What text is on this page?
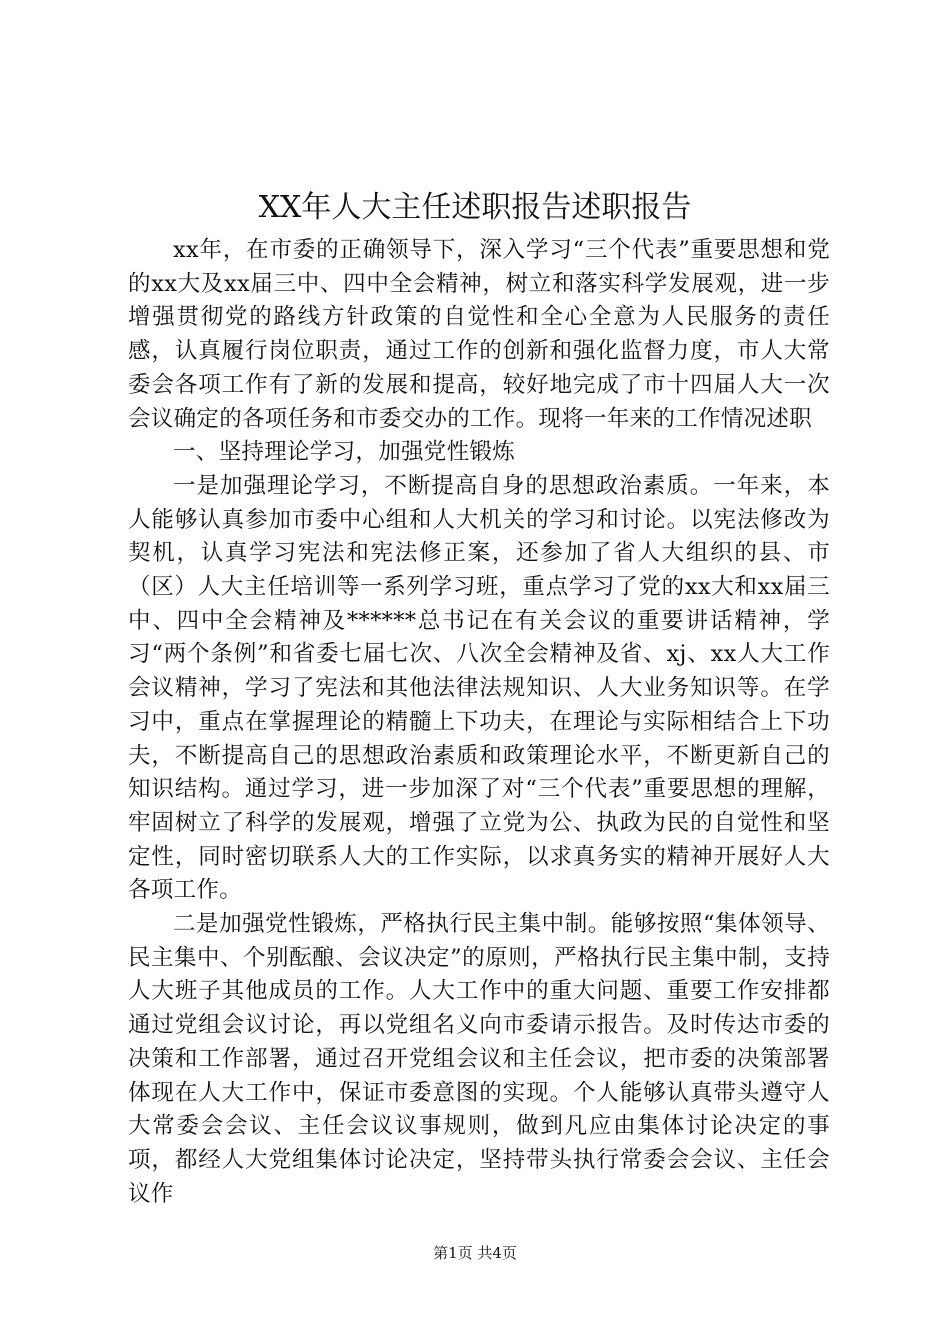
XX年人大主任述职报告述职报告

xx年，在市委的正确领导下，深入学习“三个代表”重要思想和党的xx大及xx届三中、四中全会精神，树立和落实科学发展观，进一步增强贯彻党的路线方针政策的自觉性和全心全意为人民服务的责任感，认真履行岗位职责，通过工作的创新和强化监督力度，市人大常委会各项工作有了新的发展和提高，较好地完成了市十四届人大一次会议确定的各项任务和市委交办的工作。现将一年来的工作情况述职

一、坚持理论学习，加强党性锻炼

一是加强理论学习，不断提高自身的思想政治素质。一年来，本人能够认真参加市委中心组和人大机关的学习和讨论。以宪法修改为契机，认真学习宪法和宪法修正案，还参加了省人大组织的县、市（区）人大主任培训等一系列学习班，重点学习了党的xx大和xx届三中、四中全会精神及******总书记在有关会议的重要讲话精神，学习“两个条例”和省委七届七次、八次全会精神及省、xj、xx人大工作会议精神，学习了宪法和其他法律法规知识、人大业务知识等。在学习中，重点在掌握理论的精髓上下功夫，在理论与实际相结合上下功夫，不断提高自己的思想政治素质和政策理论水平，不断更新自己的知识结构。通过学习，进一步加深了对“三个代表”重要思想的理解，牢固树立了科学的发展观，增强了立党为公、执政为民的自觉性和坚定性，同时密切联系人大的工作实际，以求真务实的精神开展好人大各项工作。

二是加强党性锻炼，严格执行民主集中制。能够按照“集体领导、民主集中、个别酝酿、会议决定”的原则，严格执行民主集中制，支持人大班子其他成员的工作。人大工作中的重大问题、重要工作安排都通过党组会议讨论，再以党组名义向市委请示报告。及时传达市委的决策和工作部署，通过召开党组会议和主任会议，把市委的决策部署体现在人大工作中，保证市委意图的实现。个人能够认真带头遵守人大常委会会议、主任会议议事规则，做到凡应由集体讨论决定的事项，都经人大党组集体讨论决定，坚持带头执行常委会会议、主任会议作

第1页 共4页
